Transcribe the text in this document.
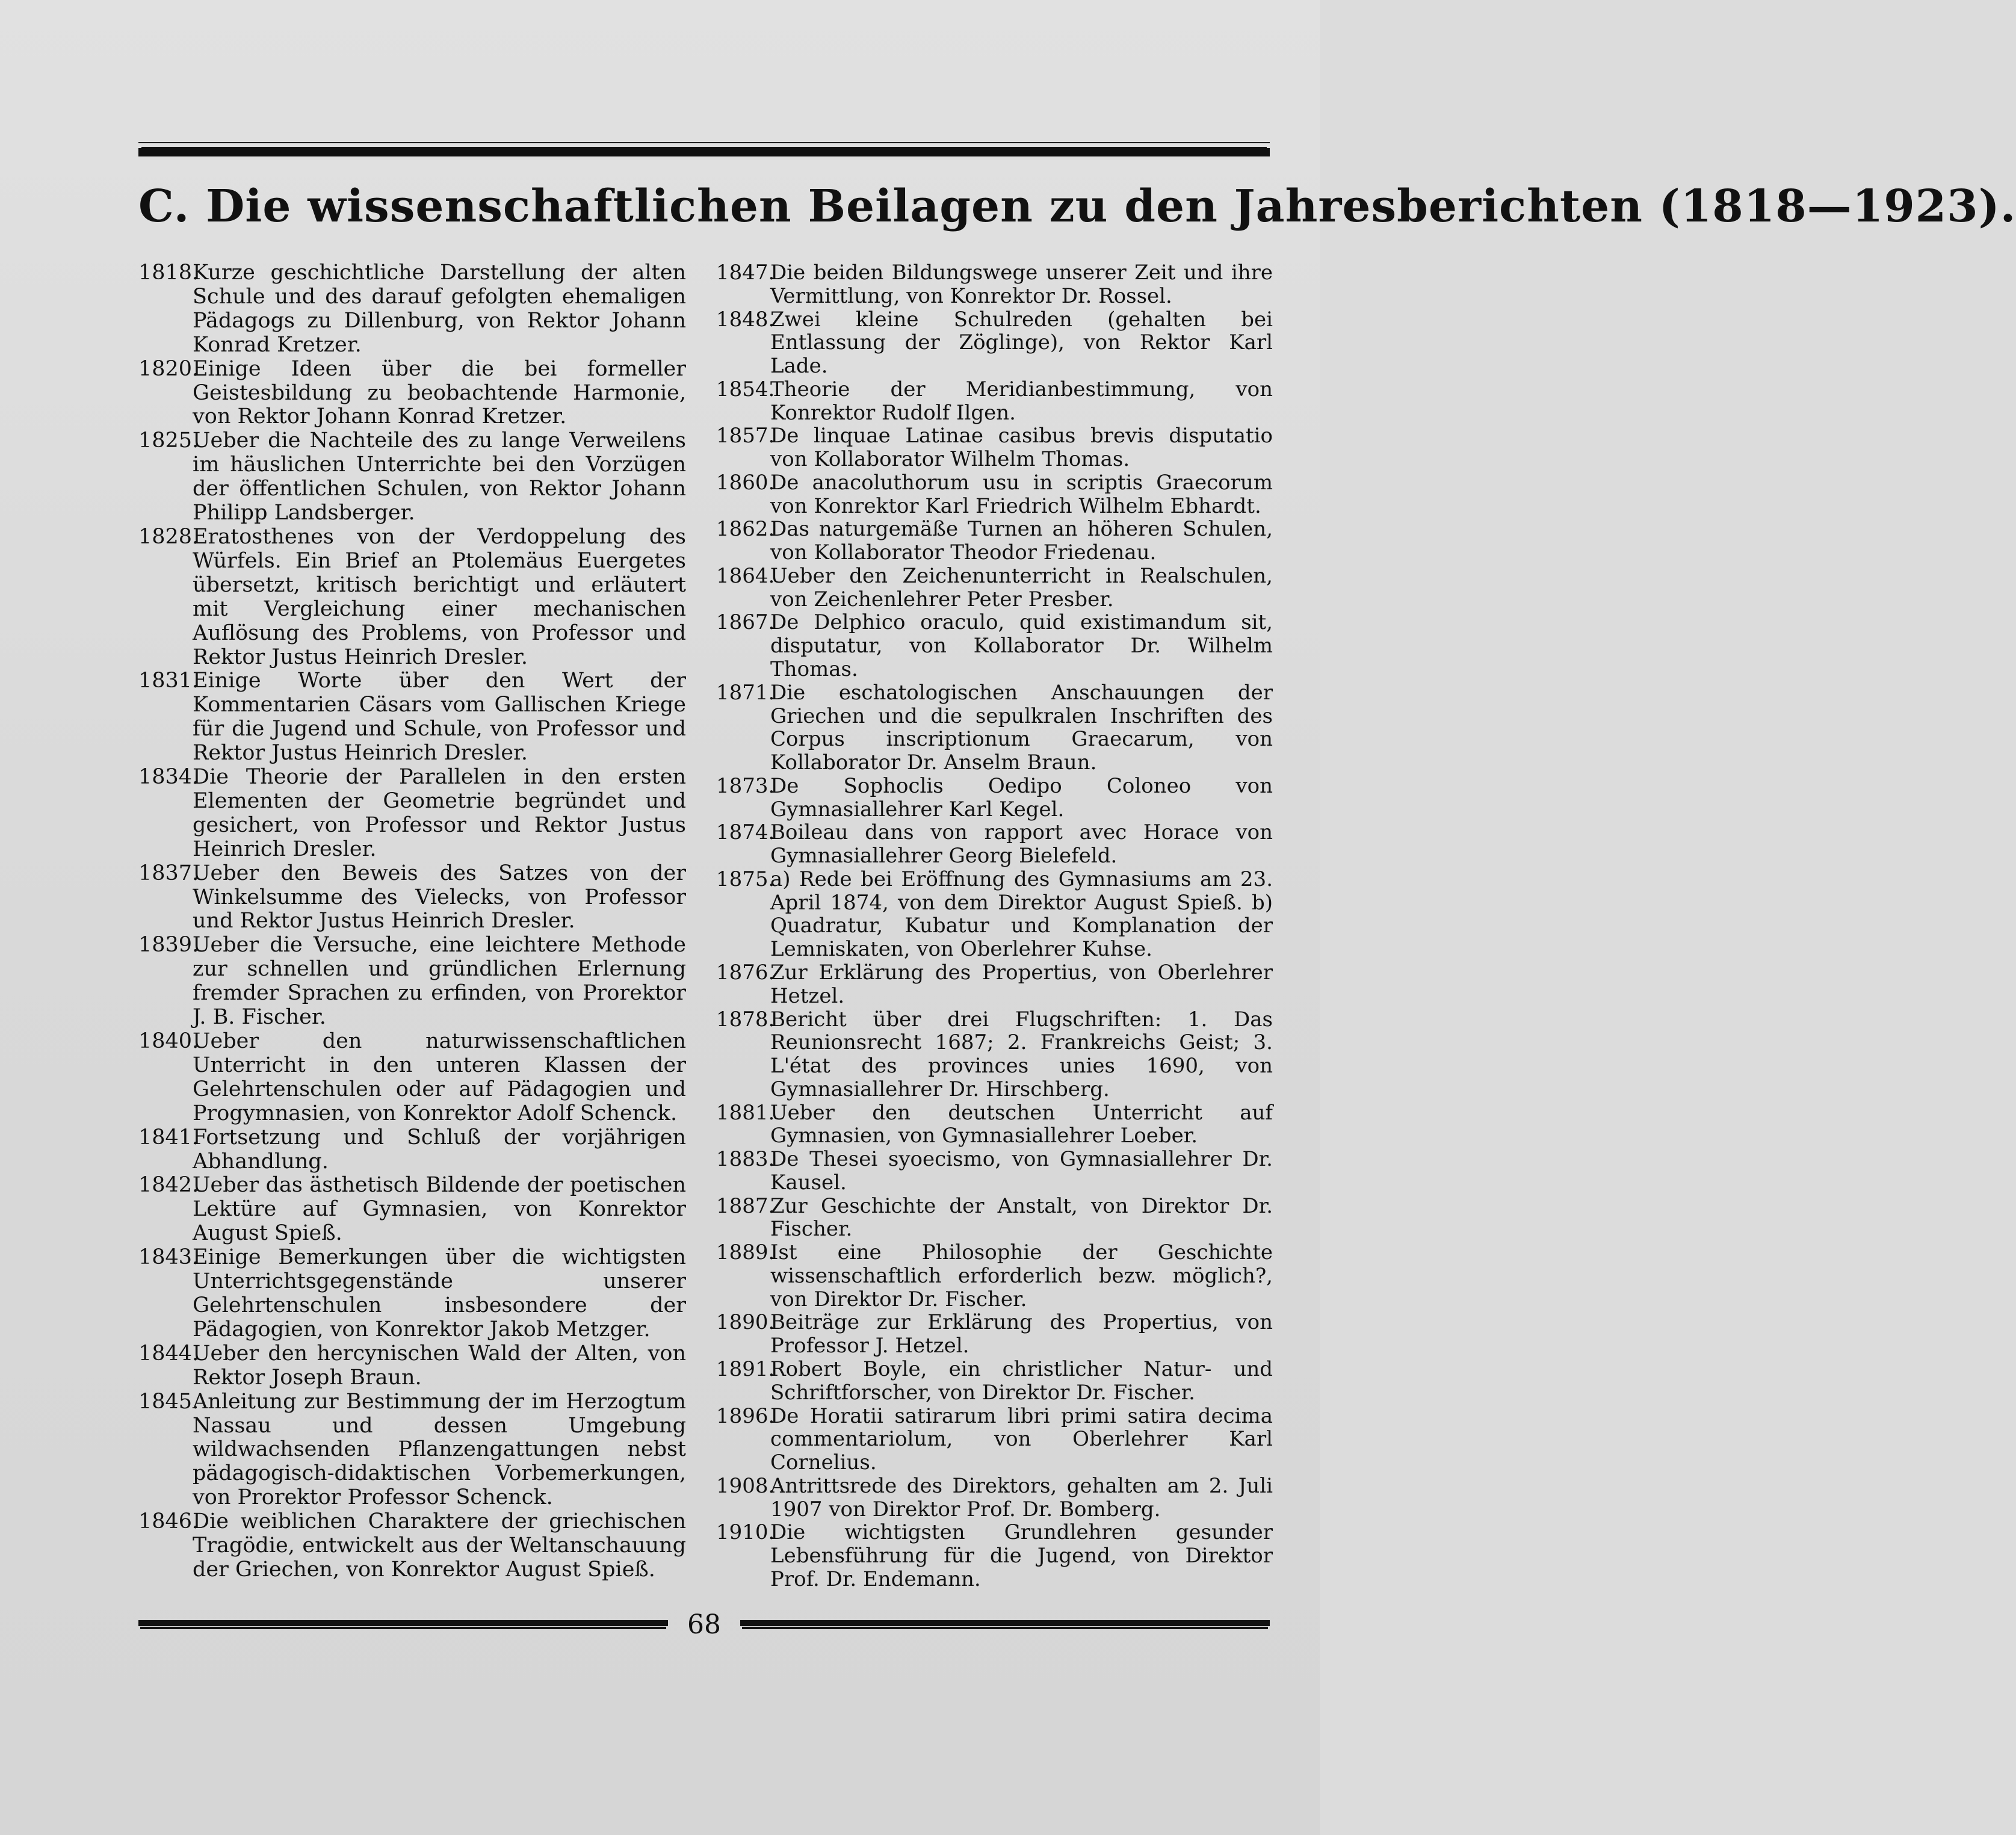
C. Die wissenschaftlichen Beilagen zu den Jahresberichten (1818—1923).
1818.
Kurze geschichtliche Darstellung der alten Schule und des darauf gefolgten ehemaligen Pädagogs zu Dillenburg, von Rektor Johann Konrad Kretzer.
1820.
Einige Ideen über die bei formeller Geistesbildung zu beobachtende Harmonie, von Rektor Johann Konrad Kretzer.
1825.
Ueber die Nachteile des zu lange Verweilens im häuslichen Unterrichte bei den Vorzügen der öffentlichen Schulen, von Rektor Johann Philipp Landsberger.
1828.
Eratosthenes von der Verdoppelung des Würfels. Ein Brief an Ptolemäus Euergetes übersetzt, kritisch berichtigt und erläutert mit Vergleichung einer mechanischen Auflösung des Problems, von Professor und Rektor Justus Heinrich Dresler.
1831.
Einige Worte über den Wert der Kommentarien Cäsars vom Gallischen Kriege für die Jugend und Schule, von Professor und Rektor Justus Heinrich Dresler.
1834.
Die Theorie der Parallelen in den ersten Elementen der Geometrie begründet und gesichert, von Professor und Rektor Justus Heinrich Dresler.
1837.
Ueber den Beweis des Satzes von der Winkelsumme des Vielecks, von Professor und Rektor Justus Heinrich Dresler.
1839.
Ueber die Versuche, eine leichtere Methode zur schnellen und gründlichen Erlernung fremder Sprachen zu erfinden, von Prorektor J. B. Fischer.
1840.
Ueber den naturwissenschaftlichen Unterricht in den unteren Klassen der Gelehrtenschulen oder auf Pädagogien und Progymnasien, von Konrektor Adolf Schenck.
1841.
Fortsetzung und Schluß der vorjährigen Abhandlung.
1842.
Ueber das ästhetisch Bildende der poetischen Lektüre auf Gymnasien, von Konrektor August Spieß.
1843.
Einige Bemerkungen über die wichtigsten Unterrichtsgegenstände unserer Gelehrtenschulen insbesondere der Pädagogien, von Konrektor Jakob Metzger.
1844.
Ueber den hercynischen Wald der Alten, von Rektor Joseph Braun.
1845.
Anleitung zur Bestimmung der im Herzogtum Nassau und dessen Umgebung wildwachsenden Pflanzengattungen nebst pädagogisch-didaktischen Vorbemerkungen, von Prorektor Professor Schenck.
1846.
Die weiblichen Charaktere der griechischen Tragödie, entwickelt aus der Weltanschauung der Griechen, von Konrektor August Spieß.
1847.
Die beiden Bildungswege unserer Zeit und ihre Vermittlung, von Konrektor Dr. Rossel.
1848.
Zwei kleine Schulreden (gehalten bei Entlassung der Zöglinge), von Rektor Karl Lade.
1854.
Theorie der Meridianbestimmung, von Konrektor Rudolf Ilgen.
1857.
De linquae Latinae casibus brevis disputatio von Kollaborator Wilhelm Thomas.
1860.
De anacoluthorum usu in scriptis Graecorum von Konrektor Karl Friedrich Wilhelm Ebhardt.
1862.
Das naturgemäße Turnen an höheren Schulen, von Kollaborator Theodor Friedenau.
1864.
Ueber den Zeichenunterricht in Realschulen, von Zeichenlehrer Peter Presber.
1867.
De Delphico oraculo, quid existimandum sit, disputatur, von Kollaborator Dr. Wilhelm Thomas.
1871.
Die eschatologischen Anschauungen der Griechen und die sepulkralen Inschriften des Corpus inscriptionum Graecarum, von Kollaborator Dr. Anselm Braun.
1873.
De Sophoclis Oedipo Coloneo von Gymnasiallehrer Karl Kegel.
1874.
Boileau dans von rapport avec Horace von Gymnasiallehrer Georg Bielefeld.
1875.
a) Rede bei Eröffnung des Gymnasiums am 23. April 1874, von dem Direktor August Spieß. b) Quadratur, Kubatur und Komplanation der Lemniskaten, von Oberlehrer Kuhse.
1876.
Zur Erklärung des Propertius, von Oberlehrer Hetzel.
1878.
Bericht über drei Flugschriften: 1. Das Reunionsrecht 1687; 2. Frankreichs Geist; 3. L'état des provinces unies 1690, von Gymnasiallehrer Dr. Hirschberg.
1881.
Ueber den deutschen Unterricht auf Gymnasien, von Gymnasiallehrer Loeber.
1883.
De Thesei syoecismo, von Gymnasiallehrer Dr. Kausel.
1887.
Zur Geschichte der Anstalt, von Direktor Dr. Fischer.
1889.
Ist eine Philosophie der Geschichte wissenschaftlich erforderlich bezw. möglich?, von Direktor Dr. Fischer.
1890.
Beiträge zur Erklärung des Propertius, von Professor J. Hetzel.
1891.
Robert Boyle, ein christlicher Natur- und Schriftforscher, von Direktor Dr. Fischer.
1896.
De Horatii satirarum libri primi satira decima commentariolum, von Oberlehrer Karl Cornelius.
1908.
Antrittsrede des Direktors, gehalten am 2. Juli 1907 von Direktor Prof. Dr. Bomberg.
1910.
Die wichtigsten Grundlehren gesunder Lebensführung für die Jugend, von Direktor Prof. Dr. Endemann.
68
